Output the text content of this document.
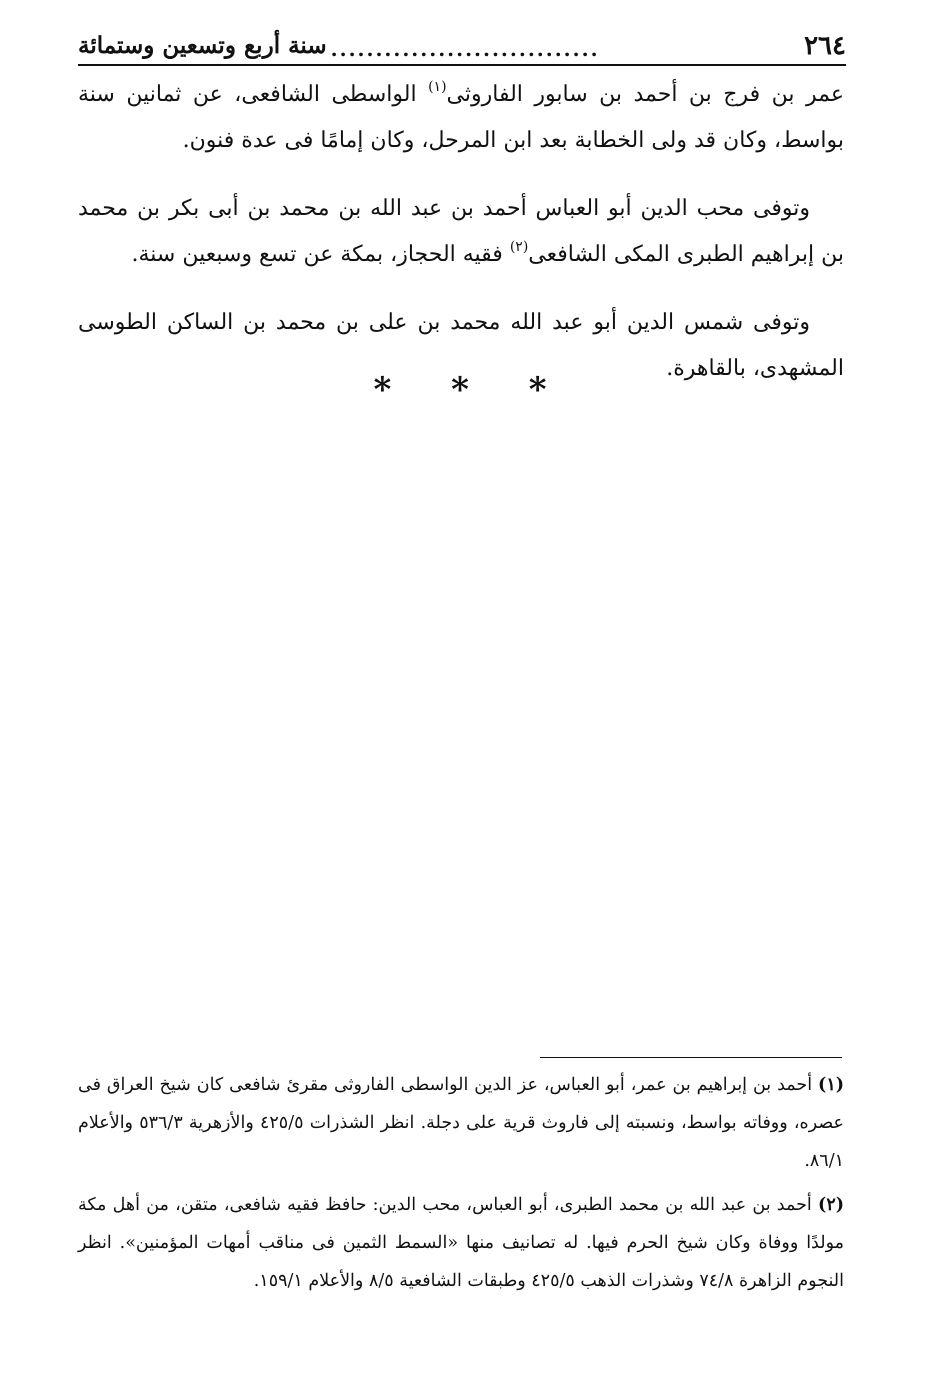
٢٦٤
..............................
سنة أربع وتسعين وستمائة

عمر بن فرج بن أحمد بن سابور الفاروثى$^{(١)}$ الواسطى الشافعى، عن ثمانين سنة بواسط، وكان قد ولى الخطابة بعد ابن المرحل، وكان إمامًا فى عدة فنون.

وتوفى محب الدين أبو العباس أحمد بن عبد الله بن محمد بن أبى بكر بن محمد بن إبراهيم الطبرى المكى الشافعى$^{(٢)}$ فقيه الحجاز، بمكة عن تسع وسبعين سنة.

وتوفى شمس الدين أبو عبد الله محمد بن على بن محمد بن الساكن الطوسى المشهدى، بالقاهرة.

* * *

(١) أحمد بن إبراهيم بن عمر، أبو العباس، عز الدين الواسطى الفاروثى مقرئ شافعى كان شيخ العراق فى عصره، ووفاته بواسط، ونسبته إلى فاروث قرية على دجلة. انظر الشذرات ٤٢٥/٥ والأزهرية ٥٣٦/٣ والأعلام ٨٦/١.

(٢) أحمد بن عبد الله بن محمد الطبرى، أبو العباس، محب الدين: حافظ فقيه شافعى، متقن، من أهل مكة مولدًا ووفاة وكان شيخ الحرم فيها. له تصانيف منها «السمط الثمين فى مناقب أمهات المؤمنين». انظر النجوم الزاهرة ٧٤/٨ وشذرات الذهب ٤٢٥/٥ وطبقات الشافعية ٨/٥ والأعلام ١٥٩/١.
